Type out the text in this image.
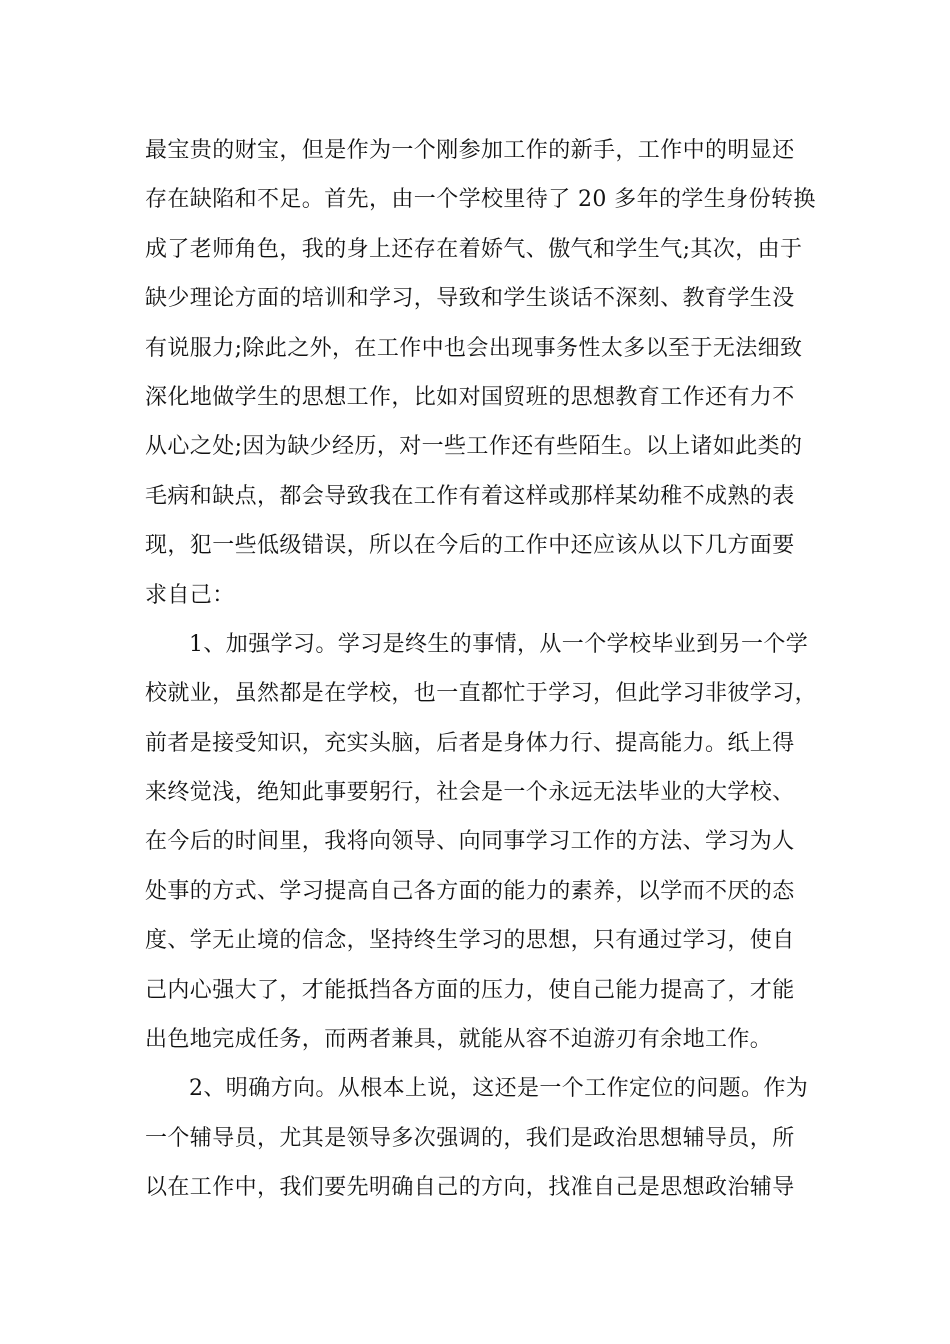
最宝贵的财宝，但是作为一个刚参加工作的新手，工作中的明显还
存在缺陷和不足。首先，由一个学校里待了 20 多年的学生身份转换
成了老师角色，我的身上还存在着娇气、傲气和学生气;其次，由于
缺少理论方面的培训和学习，导致和学生谈话不深刻、教育学生没
有说服力;除此之外，在工作中也会出现事务性太多以至于无法细致
深化地做学生的思想工作，比如对国贸班的思想教育工作还有力不
从心之处;因为缺少经历，对一些工作还有些陌生。以上诸如此类的
毛病和缺点，都会导致我在工作有着这样或那样某幼稚不成熟的表
现，犯一些低级错误，所以在今后的工作中还应该从以下几方面要
求自己：
1、加强学习。学习是终生的事情，从一个学校毕业到另一个学
校就业，虽然都是在学校，也一直都忙于学习，但此学习非彼学习，
前者是接受知识，充实头脑，后者是身体力行、提高能力。纸上得
来终觉浅，绝知此事要躬行，社会是一个永远无法毕业的大学校、
在今后的时间里，我将向领导、向同事学习工作的方法、学习为人
处事的方式、学习提高自己各方面的能力的素养，以学而不厌的态
度、学无止境的信念，坚持终生学习的思想，只有通过学习，使自
己内心强大了，才能抵挡各方面的压力，使自己能力提高了，才能
出色地完成任务，而两者兼具，就能从容不迫游刃有余地工作。
2、明确方向。从根本上说，这还是一个工作定位的问题。作为
一个辅导员，尤其是领导多次强调的，我们是政治思想辅导员，所
以在工作中，我们要先明确自己的方向，找准自己是思想政治辅导
